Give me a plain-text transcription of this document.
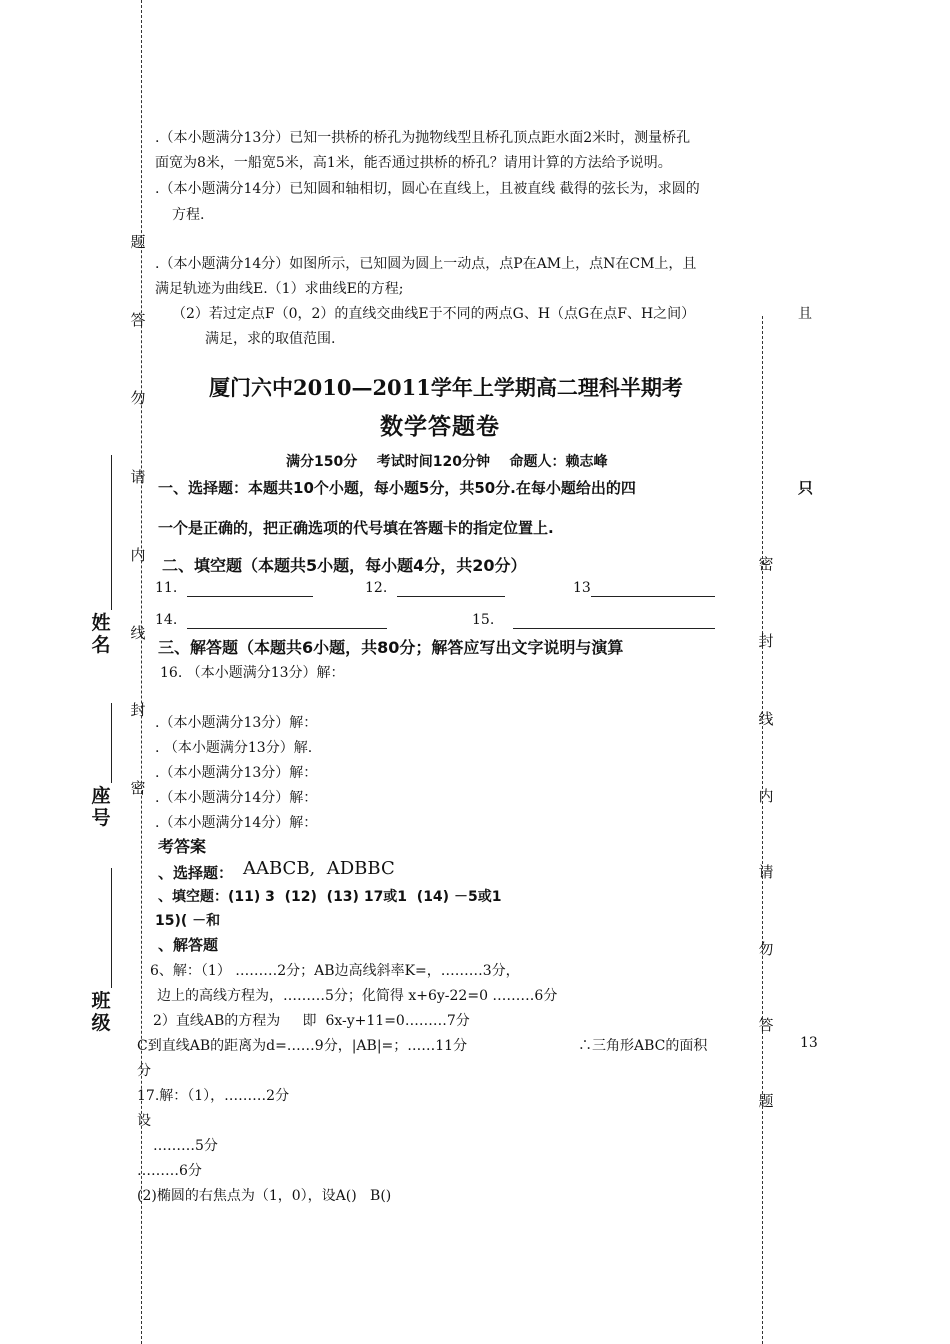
.（本小题满分13分）已知一拱桥的桥孔为抛物线型且桥孔顶点距水面2米时，测量桥孔
面宽为8米，一船宽5米，高1米，能否通过拱桥的桥孔？请用计算的方法给予说明。
.（本小题满分14分）已知圆和轴相切，圆心在直线上，且被直线 截得的弦长为，求圆的
方程.
.（本小题满分14分）如图所示，已知圆为圆上一动点，点P在AM上，点N在CM上，且
满足轨迹为曲线E.（1）求曲线E的方程;
（2）若过定点F（0，2）的直线交曲线E于不同的两点G、H（点G在点F、H之间）	且
满足，求的取值范围.
题
答
勿
请
内
线
封
密
密
封
线
内
请
勿
答
题
姓名
座号
班级
厦门六中2010—2011学年上学期高二理科半期考
数学答题卷
满分150分    考试时间120分钟    命题人：赖志峰
一、选择题：本题共10个小题，每小题5分，共50分.在每小题给出的四	只
一个是正确的，把正确选项的代号填在答题卡的指定位置上.
二、填空题（本题共5小题，每小题4分，共20分）
11.	12.	13
14.	15.
三、解答题（本题共6小题，共80分；解答应写出文字说明与演算
16. （本小题满分13分）解：
.（本小题满分13分）解：
. （本小题满分13分）解.
.（本小题满分13分）解：
.（本小题满分14分）解：
.（本小题满分14分）解：
考答案
、选择题： AABCB,  ADBBC
、填空题：(11) 3  (12)  (13) 17或1  (14) －5或1
15)( －和
、解答题
6、解：（1） ………2分；AB边高线斜率K=，………3分，
边上的高线方程为，………5分；化简得 x+6y-22=0 ………6分
2）直线AB的方程为     即  6x-y+11=0………7分
C到直线AB的距离为d=……9分，|AB|=；……11分	∴三角形ABC的面积	13
分
17.解：（1），………2分
设
………5分
………6分
(2)椭圆的右焦点为（1，0），设A()   B()
